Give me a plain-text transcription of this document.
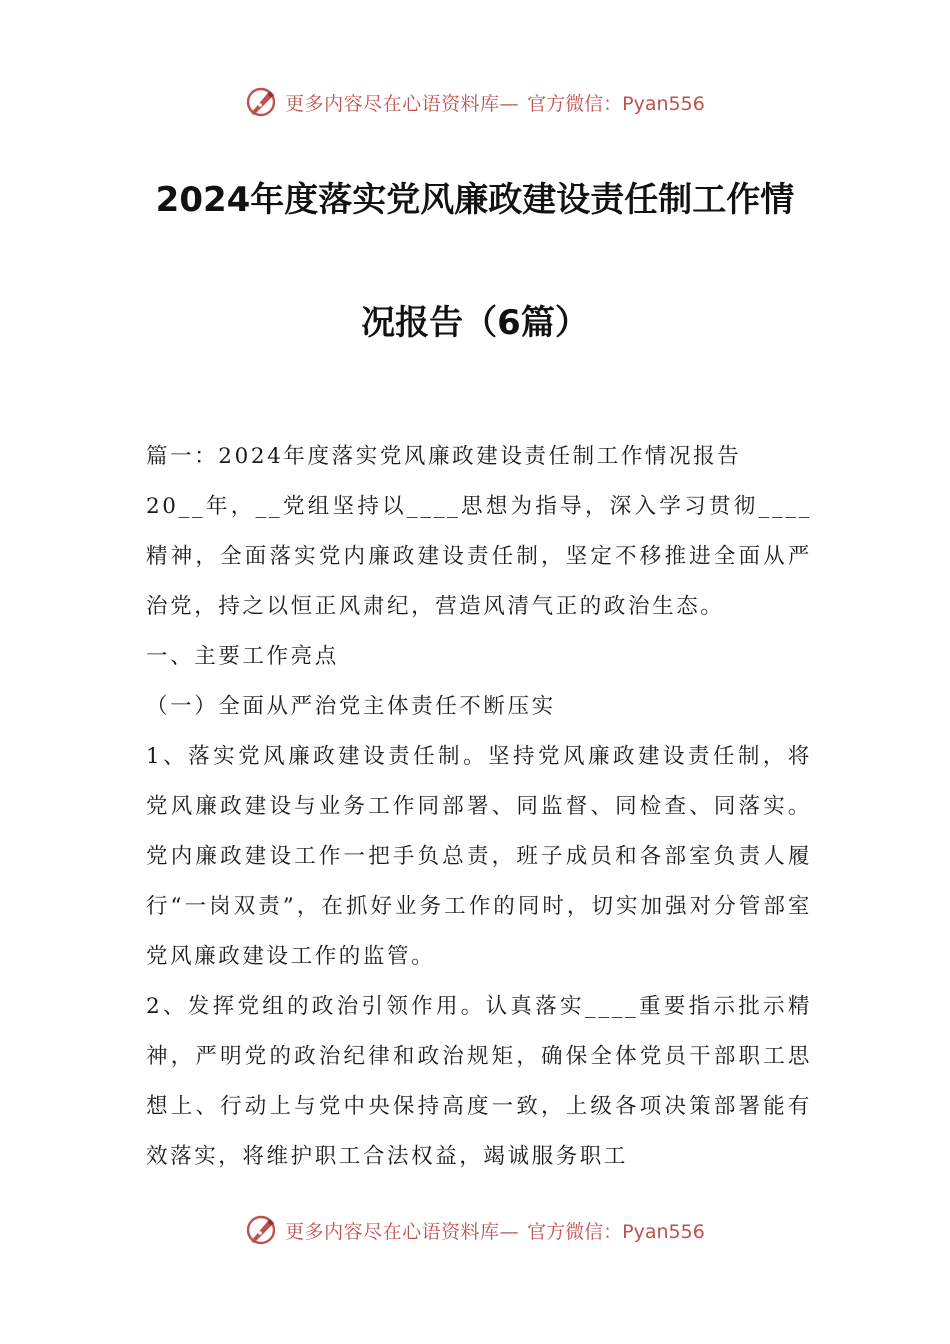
更多内容尽在心语资料库— 官方微信：Pyan556
2024年度落实党风廉政建设责任制工作情
况报告（6篇）

篇一：2024年度落实党风廉政建设责任制工作情况报告

20__年，__党组坚持以____思想为指导，深入学习贯彻____精神，全面落实党内廉政建设责任制，坚定不移推进全面从严治党，持之以恒正风肃纪，营造风清气正的政治生态。

一、主要工作亮点

（一）全面从严治党主体责任不断压实

1、落实党风廉政建设责任制。坚持党风廉政建设责任制，将党风廉政建设与业务工作同部署、同监督、同检查、同落实。党内廉政建设工作一把手负总责，班子成员和各部室负责人履行“一岗双责”，在抓好业务工作的同时，切实加强对分管部室党风廉政建设工作的监管。

2、发挥党组的政治引领作用。认真落实____重要指示批示精神，严明党的政治纪律和政治规矩，确保全体党员干部职工思想上、行动上与党中央保持高度一致，上级各项决策部署能有效落实，将维护职工合法权益，竭诚服务职工

更多内容尽在心语资料库— 官方微信：Pyan556
